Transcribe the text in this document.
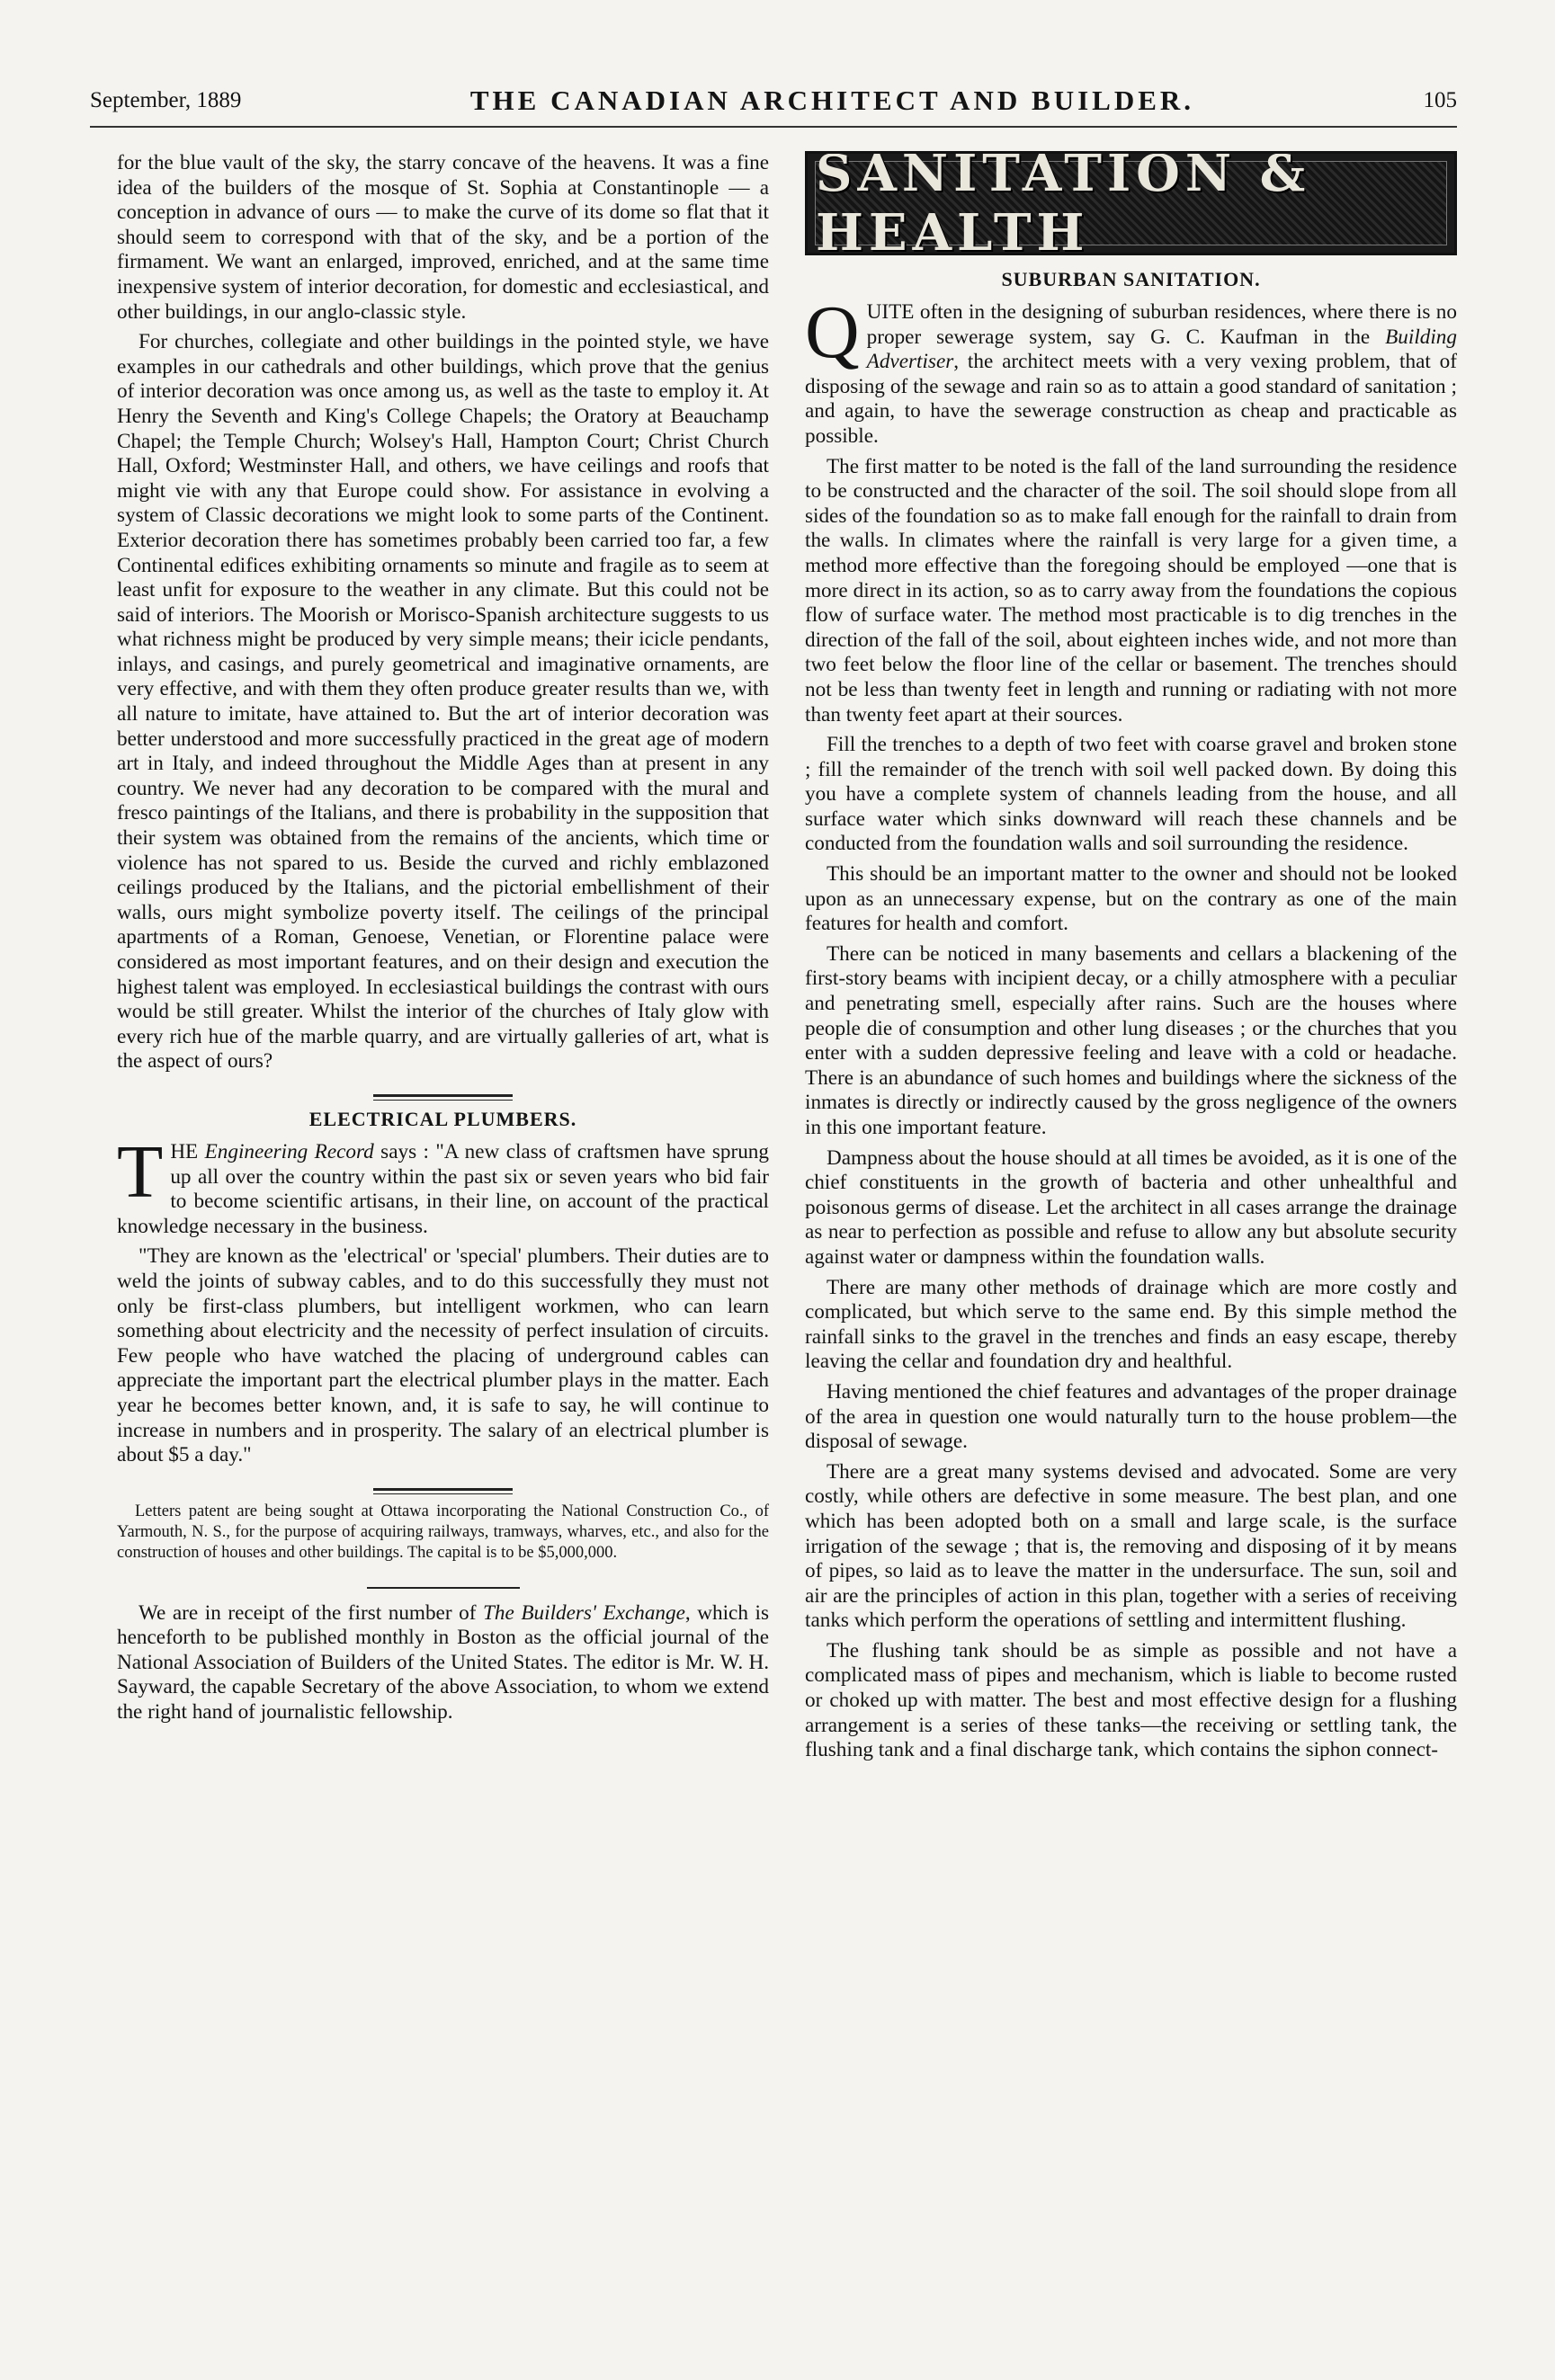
September, 1889	THE CANADIAN ARCHITECT AND BUILDER.	105

for the blue vault of the sky, the starry concave of the heavens. It was a fine idea of the builders of the mosque of St. Sophia at Constantinople — a conception in advance of ours — to make the curve of its dome so flat that it should seem to correspond with that of the sky, and be a portion of the firmament. We want an enlarged, improved, enriched, and at the same time inexpensive system of interior decoration, for domestic and ecclesiastical, and other buildings, in our anglo-classic style.

For churches, collegiate and other buildings in the pointed style, we have examples in our cathedrals and other buildings, which prove that the genius of interior decoration was once among us, as well as the taste to employ it. At Henry the Seventh and King's College Chapels; the Oratory at Beauchamp Chapel; the Temple Church; Wolsey's Hall, Hampton Court; Christ Church Hall, Oxford; Westminster Hall, and others, we have ceilings and roofs that might vie with any that Europe could show. For assistance in evolving a system of Classic decorations we might look to some parts of the Continent. Exterior decoration there has sometimes probably been carried too far, a few Continental edifices exhibiting ornaments so minute and fragile as to seem at least unfit for exposure to the weather in any climate. But this could not be said of interiors. The Moorish or Morisco-Spanish architecture suggests to us what richness might be produced by very simple means; their icicle pendants, inlays, and casings, and purely geometrical and imaginative ornaments, are very effective, and with them they often produce greater results than we, with all nature to imitate, have attained to. But the art of interior decoration was better understood and more successfully practiced in the great age of modern art in Italy, and indeed throughout the Middle Ages than at present in any country. We never had any decoration to be compared with the mural and fresco paintings of the Italians, and there is probability in the supposition that their system was obtained from the remains of the ancients, which time or violence has not spared to us. Beside the curved and richly emblazoned ceilings produced by the Italians, and the pictorial embellishment of their walls, ours might symbolize poverty itself. The ceilings of the principal apartments of a Roman, Genoese, Venetian, or Florentine palace were considered as most important features, and on their design and execution the highest talent was employed. In ecclesiastical buildings the contrast with ours would be still greater. Whilst the interior of the churches of Italy glow with every rich hue of the marble quarry, and are virtually galleries of art, what is the aspect of ours?

ELECTRICAL PLUMBERS.

THE Engineering Record says : "A new class of craftsmen have sprung up all over the country within the past six or seven years who bid fair to become scientific artisans, in their line, on account of the practical knowledge necessary in the business.

"They are known as the 'electrical' or 'special' plumbers. Their duties are to weld the joints of subway cables, and to do this successfully they must not only be first-class plumbers, but intelligent workmen, who can learn something about electricity and the necessity of perfect insulation of circuits. Few people who have watched the placing of underground cables can appreciate the important part the electrical plumber plays in the matter. Each year he becomes better known, and, it is safe to say, he will continue to increase in numbers and in prosperity. The salary of an electrical plumber is about $5 a day."

Letters patent are being sought at Ottawa incorporating the National Construction Co., of Yarmouth, N. S., for the purpose of acquiring railways, tramways, wharves, etc., and also for the construction of houses and other buildings. The capital is to be $5,000,000.

We are in receipt of the first number of The Builders' Exchange, which is henceforth to be published monthly in Boston as the official journal of the National Association of Builders of the United States. The editor is Mr. W. H. Sayward, the capable Secretary of the above Association, to whom we extend the right hand of journalistic fellowship.

SANITATION & HEALTH
SUBURBAN SANITATION.

QUITE often in the designing of suburban residences, where there is no proper sewerage system, say G. C. Kaufman in the Building Advertiser, the architect meets with a very vexing problem, that of disposing of the sewage and rain so as to attain a good standard of sanitation ; and again, to have the sewerage construction as cheap and practicable as possible.

The first matter to be noted is the fall of the land surrounding the residence to be constructed and the character of the soil. The soil should slope from all sides of the foundation so as to make fall enough for the rainfall to drain from the walls. In climates where the rainfall is very large for a given time, a method more effective than the foregoing should be employed —one that is more direct in its action, so as to carry away from the foundations the copious flow of surface water. The method most practicable is to dig trenches in the direction of the fall of the soil, about eighteen inches wide, and not more than two feet below the floor line of the cellar or basement. The trenches should not be less than twenty feet in length and running or radiating with not more than twenty feet apart at their sources.

Fill the trenches to a depth of two feet with coarse gravel and broken stone ; fill the remainder of the trench with soil well packed down. By doing this you have a complete system of channels leading from the house, and all surface water which sinks downward will reach these channels and be conducted from the foundation walls and soil surrounding the residence.

This should be an important matter to the owner and should not be looked upon as an unnecessary expense, but on the contrary as one of the main features for health and comfort.

There can be noticed in many basements and cellars a blackening of the first-story beams with incipient decay, or a chilly atmosphere with a peculiar and penetrating smell, especially after rains. Such are the houses where people die of consumption and other lung diseases ; or the churches that you enter with a sudden depressive feeling and leave with a cold or headache. There is an abundance of such homes and buildings where the sickness of the inmates is directly or indirectly caused by the gross negligence of the owners in this one important feature.

Dampness about the house should at all times be avoided, as it is one of the chief constituents in the growth of bacteria and other unhealthful and poisonous germs of disease. Let the architect in all cases arrange the drainage as near to perfection as possible and refuse to allow any but absolute security against water or dampness within the foundation walls.

There are many other methods of drainage which are more costly and complicated, but which serve to the same end. By this simple method the rainfall sinks to the gravel in the trenches and finds an easy escape, thereby leaving the cellar and foundation dry and healthful.

Having mentioned the chief features and advantages of the proper drainage of the area in question one would naturally turn to the house problem—the disposal of sewage.

There are a great many systems devised and advocated. Some are very costly, while others are defective in some measure. The best plan, and one which has been adopted both on a small and large scale, is the surface irrigation of the sewage ; that is, the removing and disposing of it by means of pipes, so laid as to leave the matter in the undersurface. The sun, soil and air are the principles of action in this plan, together with a series of receiving tanks which perform the operations of settling and intermittent flushing.

The flushing tank should be as simple as possible and not have a complicated mass of pipes and mechanism, which is liable to become rusted or choked up with matter. The best and most effective design for a flushing arrangement is a series of these tanks—the receiving or settling tank, the flushing tank and a final discharge tank, which contains the siphon connect-
